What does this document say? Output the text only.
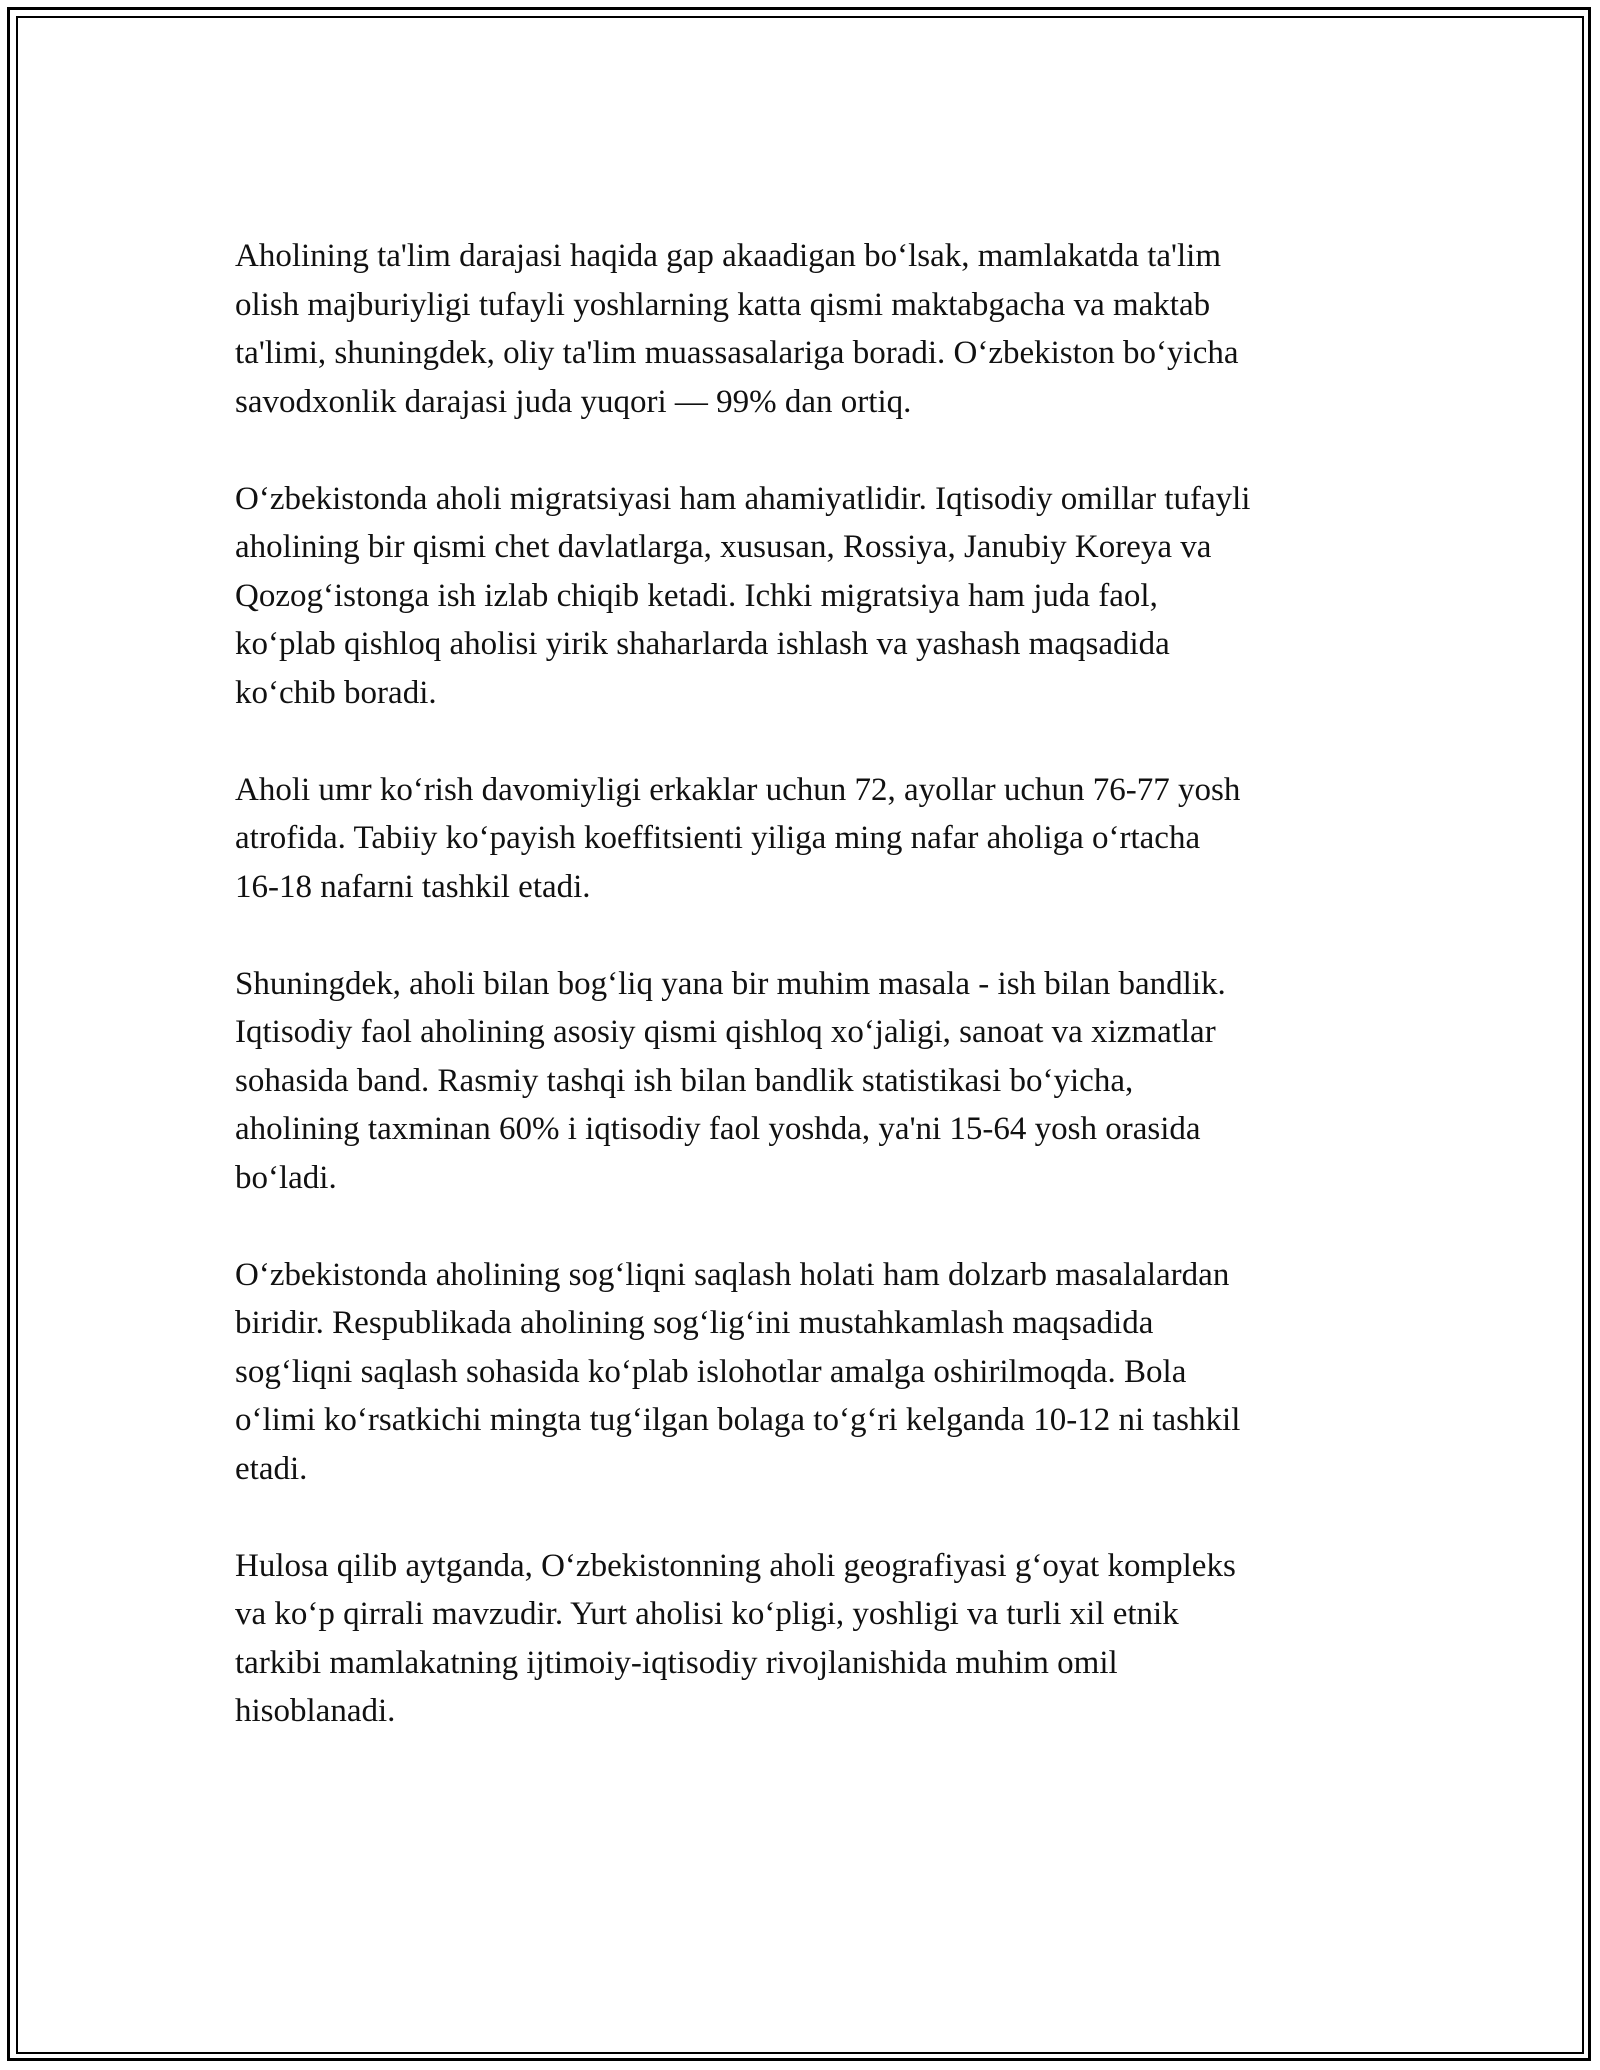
Aholining ta'lim darajasi haqida gap akaadigan bo‘lsak, mamlakatda ta'lim
olish majburiyligi tufayli yoshlarning katta qismi maktabgacha va maktab
ta'limi, shuningdek, oliy ta'lim muassasalariga boradi. O‘zbekiston bo‘yicha
savodxonlik darajasi juda yuqori — 99% dan ortiq.

O‘zbekistonda aholi migratsiyasi ham ahamiyatlidir. Iqtisodiy omillar tufayli
aholining bir qismi chet davlatlarga, xususan, Rossiya, Janubiy Koreya va
Qozog‘istonga ish izlab chiqib ketadi. Ichki migratsiya ham juda faol,
ko‘plab qishloq aholisi yirik shaharlarda ishlash va yashash maqsadida
ko‘chib boradi.

Aholi umr ko‘rish davomiyligi erkaklar uchun 72, ayollar uchun 76-77 yosh
atrofida. Tabiiy ko‘payish koeffitsienti yiliga ming nafar aholiga o‘rtacha
16-18 nafarni tashkil etadi.

Shuningdek, aholi bilan bog‘liq yana bir muhim masala - ish bilan bandlik.
Iqtisodiy faol aholining asosiy qismi qishloq xo‘jaligi, sanoat va xizmatlar
sohasida band. Rasmiy tashqi ish bilan bandlik statistikasi bo‘yicha,
aholining taxminan 60% i iqtisodiy faol yoshda, ya'ni 15-64 yosh orasida
bo‘ladi.

O‘zbekistonda aholining sog‘liqni saqlash holati ham dolzarb masalalardan
biridir. Respublikada aholining sog‘lig‘ini mustahkamlash maqsadida
sog‘liqni saqlash sohasida ko‘plab islohotlar amalga oshirilmoqda. Bola
o‘limi ko‘rsatkichi mingta tug‘ilgan bolaga to‘g‘ri kelganda 10-12 ni tashkil
etadi.

Hulosa qilib aytganda, O‘zbekistonning aholi geografiyasi g‘oyat kompleks
va ko‘p qirrali mavzudir. Yurt aholisi ko‘pligi, yoshligi va turli xil etnik
tarkibi mamlakatning ijtimoiy-iqtisodiy rivojlanishida muhim omil
hisoblanadi.
